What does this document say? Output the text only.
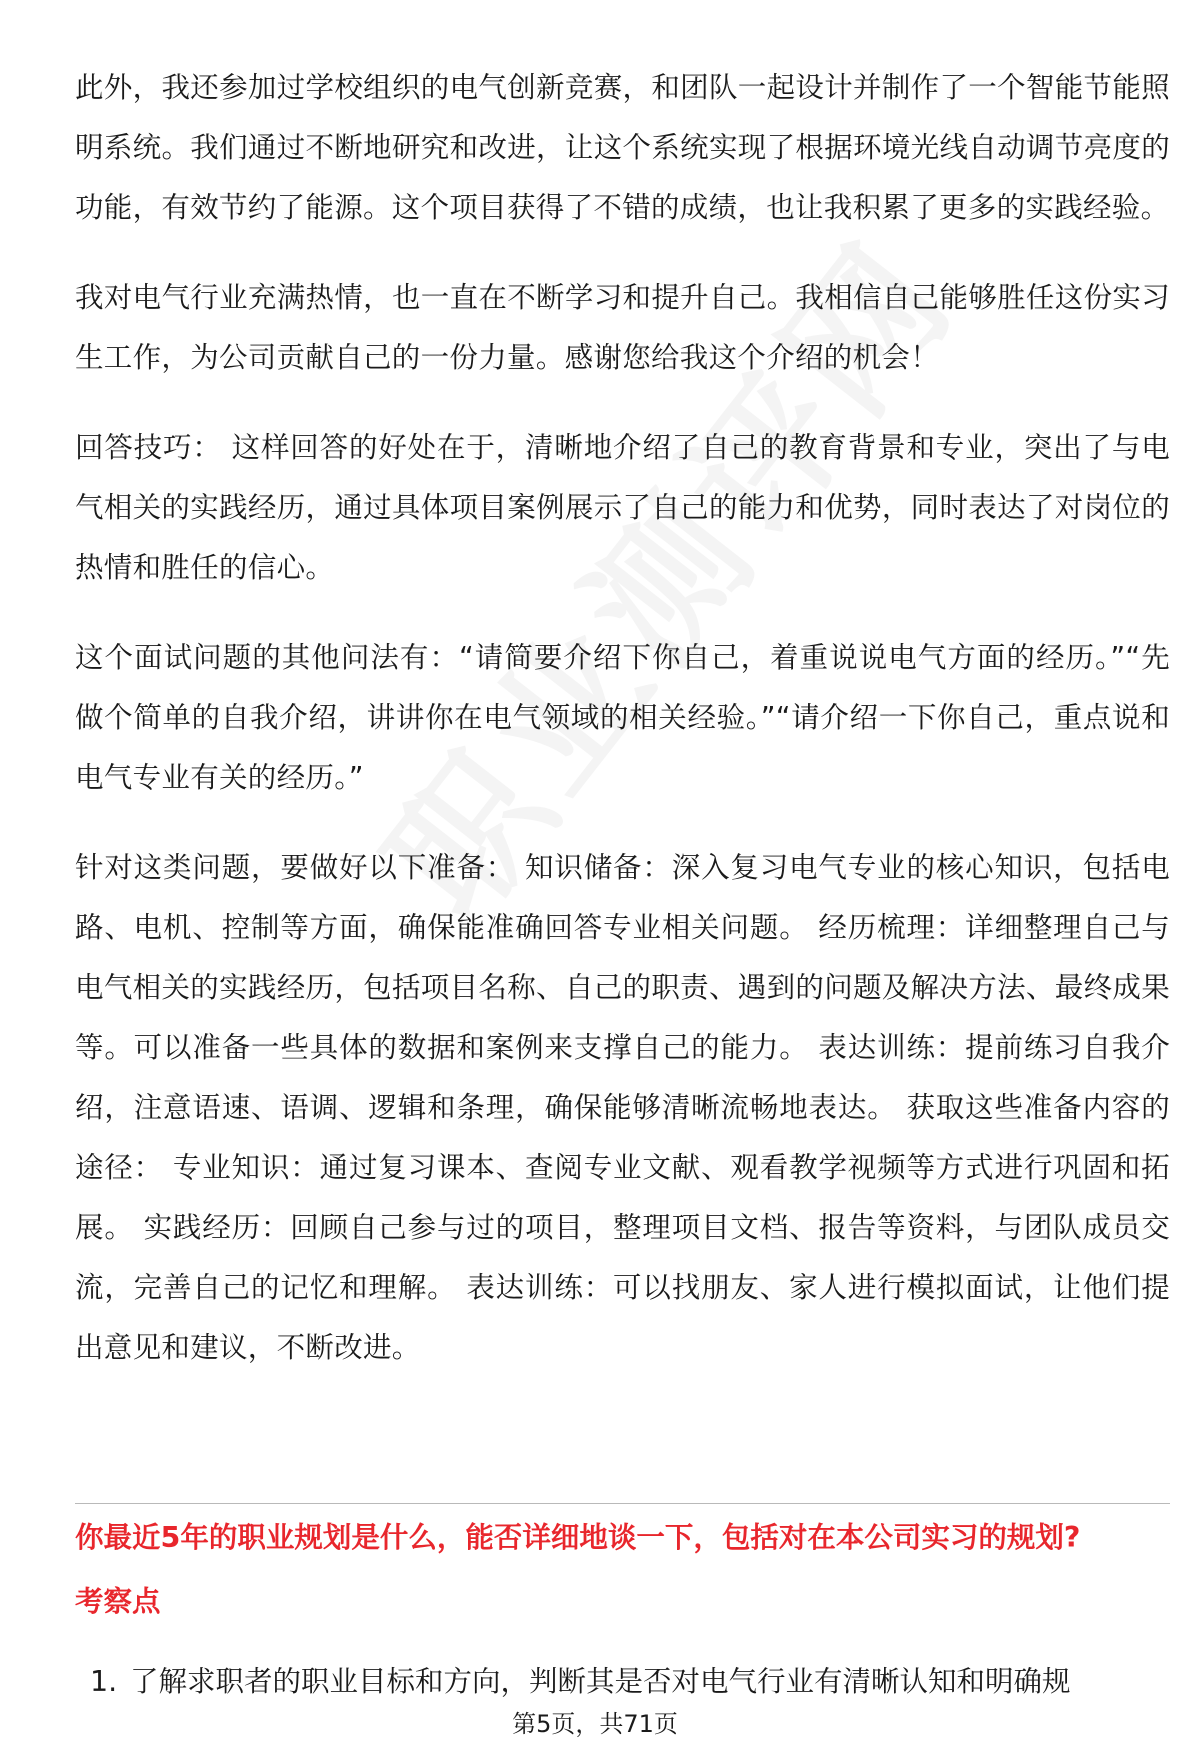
此外，我还参加过学校组织的电气创新竞赛，和团队一起设计并制作了一个智能节能照明系统。我们通过不断地研究和改进，让这个系统实现了根据环境光线自动调节亮度的功能，有效节约了能源。这个项目获得了不错的成绩，也让我积累了更多的实践经验。

我对电气行业充满热情，也一直在不断学习和提升自己。我相信自己能够胜任这份实习生工作，为公司贡献自己的一份力量。感谢您给我这个介绍的机会！

回答技巧： 这样回答的好处在于，清晰地介绍了自己的教育背景和专业，突出了与电气相关的实践经历，通过具体项目案例展示了自己的能力和优势，同时表达了对岗位的热情和胜任的信心。

这个面试问题的其他问法有：“请简要介绍下你自己，着重说说电气方面的经历。”“先做个简单的自我介绍，讲讲你在电气领域的相关经验。”“请介绍一下你自己，重点说和电气专业有关的经历。”

针对这类问题，要做好以下准备： 知识储备：深入复习电气专业的核心知识，包括电路、电机、控制等方面，确保能准确回答专业相关问题。 经历梳理：详细整理自己与电气相关的实践经历，包括项目名称、自己的职责、遇到的问题及解决方法、最终成果等。可以准备一些具体的数据和案例来支撑自己的能力。 表达训练：提前练习自我介绍，注意语速、语调、逻辑和条理，确保能够清晰流畅地表达。 获取这些准备内容的途径： 专业知识：通过复习课本、查阅专业文献、观看教学视频等方式进行巩固和拓展。 实践经历：回顾自己参与过的项目，整理项目文档、报告等资料，与团队成员交流，完善自己的记忆和理解。 表达训练：可以找朋友、家人进行模拟面试，让他们提出意见和建议，不断改进。

你最近5年的职业规划是什么，能否详细地谈一下，包括对在本公司实习的规划?
考察点
1. 了解求职者的职业目标和方向，判断其是否对电气行业有清晰认知和明确规
第5页，共71页
